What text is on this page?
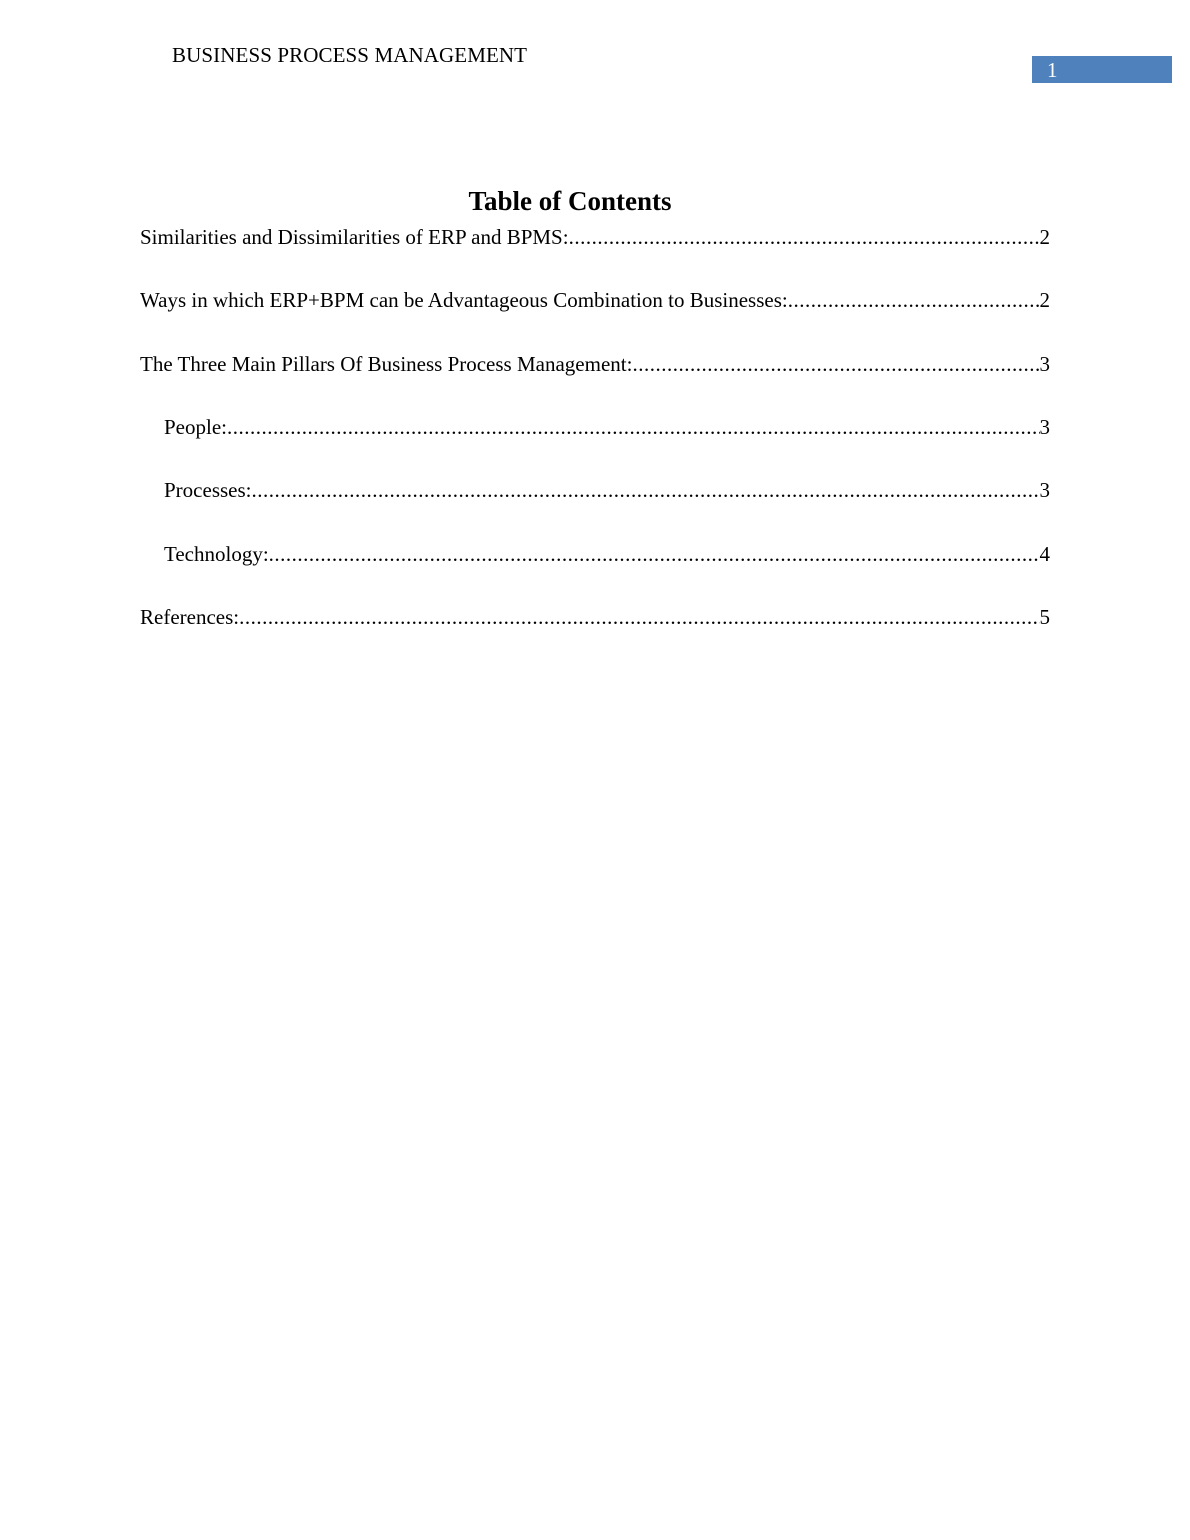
BUSINESS PROCESS MANAGEMENT
1
Table of Contents
Similarities and Dissimilarities of ERP and BPMS: .....	2
Ways in which ERP+BPM can be Advantageous Combination to Businesses: .....	2
The Three Main Pillars Of Business Process Management: .....	3
People: .....	3
Processes: .....	3
Technology: .....	4
References: .....	5
